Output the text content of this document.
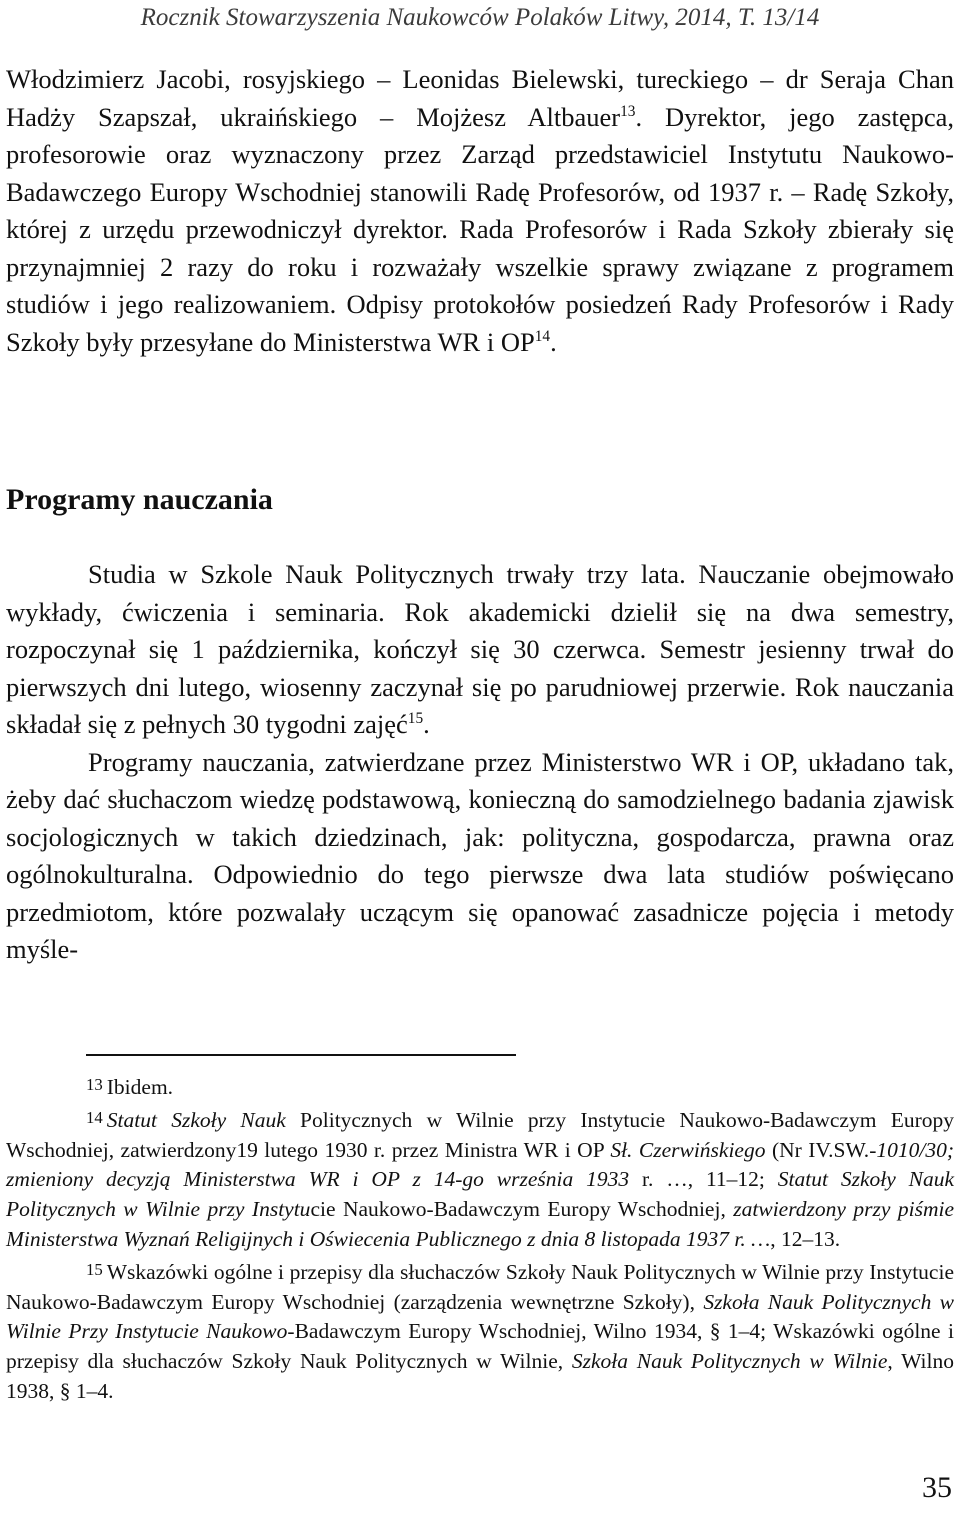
Rocznik Stowarzyszenia Naukowców Polaków Litwy, 2014, T. 13/14

Włodzimierz Jacobi, rosyjskiego – Leonidas Bielewski, tureckiego – dr Seraja Chan Hadży Szapszał, ukraińskiego – Mojżesz Altbauer$^{13}$. Dyrektor, jego zastępca, profesorowie oraz wyznaczony przez Zarząd przedstawiciel Instytutu Naukowo-Badawczego Europy Wschodniej stanowili Radę Profesorów, od 1937 r. – Radę Szkoły, której z urzędu przewodniczył dyrektor. Rada Profesorów i Rada Szkoły zbierały się przynajmniej 2 razy do roku i rozważały wszelkie sprawy związane z programem studiów i jego realizowaniem. Odpisy protokołów posiedzeń Rady Profesorów i Rady Szkoły były przesyłane do Ministerstwa WR i OP$^{14}$.

Programy nauczania

Studia w Szkole Nauk Politycznych trwały trzy lata. Nauczanie obejmowało wykłady, ćwiczenia i seminaria. Rok akademicki dzielił się na dwa semestry, rozpoczynał się 1 października, kończył się 30 czerwca. Semestr jesienny trwał do pierwszych dni lutego, wiosenny zaczynał się po parudniowej przerwie. Rok nauczania składał się z pełnych 30 tygodni zajęć$^{15}$.

Programy nauczania, zatwierdzane przez Ministerstwo WR i OP, układano tak, żeby dać słuchaczom wiedzę podstawową, konieczną do samodzielnego badania zjawisk socjologicznych w takich dziedzinach, jak: polityczna, gospodarcza, prawna oraz ogólnokulturalna. Odpowiednio do tego pierwsze dwa lata studiów poświęcano przedmiotom, które pozwalały uczącym się opanować zasadnicze pojęcia i metody myśle-

13 Ibidem.

14 Statut Szkoły Nauk Politycznych w Wilnie przy Instytucie Naukowo-Badawczym Europy Wschodniej, zatwierdzony19 lutego 1930 r. przez Ministra WR i OP Sł. Czerwińskiego (Nr IV.SW.-1010/30; zmieniony decyzją Ministerstwa WR i OP z 14-go września 1933 r. …, 11–12; Statut Szkoły Nauk Politycznych w Wilnie przy Instytucie Naukowo-Badawczym Europy Wschodniej, zatwierdzony przy piśmie Ministerstwa Wyznań Religijnych i Oświecenia Publicznego z dnia 8 listopada 1937 r. …, 12–13.

15 Wskazówki ogólne i przepisy dla słuchaczów Szkoły Nauk Politycznych w Wilnie przy Instytucie Naukowo-Badawczym Europy Wschodniej (zarządzenia wewnętrzne Szkoły), Szkoła Nauk Politycznych w Wilnie Przy Instytucie Naukowo-Badawczym Europy Wschodniej, Wilno 1934, § 1–4; Wskazówki ogólne i przepisy dla słuchaczów Szkoły Nauk Politycznych w Wilnie, Szkoła Nauk Politycznych w Wilnie, Wilno 1938, § 1–4.

35
